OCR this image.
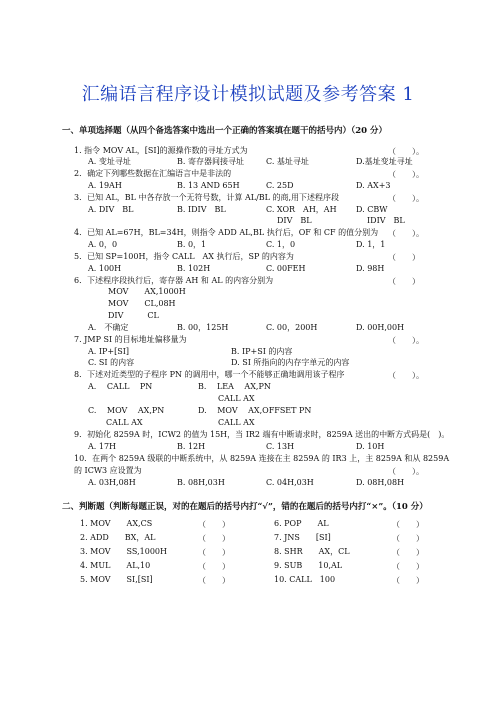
汇编语言程序设计模拟试题及参考答案 1
一、单项选择题（从四个备选答案中选出一个正确的答案填在题干的括号内）（20 分）
1. 指令 MOV AL，[SI]的源操作数的寻址方式为	（　　）。
A. 变址寻址	B. 寄存器间接寻址	C. 基址寻址	D.基址变址寻址
2．确定下列哪些数据在汇编语言中是非法的	（　　）。
A. 19AH	B. 13 AND 65H	C. 25D	D. AX+3
3．已知 AL，BL 中各存放一个无符号数，计算 AL/BL 的商,用下述程序段	（　　）。
A. DIV　BL	B. IDIV　BL	C. XOR　AH，AH D. CBW
DIV　BL	IDIV　BL
4．已知 AL=67H，BL=34H，则指令 ADD AL,BL 执行后，OF 和 CF 的值分别为 （　　）。
A. 0，0	B. 0，1	C. 1，0	D. 1，1
5．已知 SP=100H，指令 CALL　AX 执行后，SP 的内容为	（　　）
A. 100H	B. 102H	C. 00FEH	D. 98H
6．下述程序段执行后，寄存器 AH 和 AL 的内容分别为	（　　）
MOV　　AX,1000H
MOV　　CL,08H
DIV　　　CL
A.　不确定	B. 00，125H	C. 00，200H	D. 00H,00H
7. JMP SI 的目标地址偏移量为	（　　）。
A. IP+[SI]	B. IP+SI 的内容
C. SI 的内容	D. SI 所指向的内存字单元的内容
8．下述对近类型的子程序 PN 的调用中，哪一个不能够正确地调用该子程序	（　　）。
A.　 CALL　 PN	B.　 LEA　 AX,PN
CALL AX
C.　 MOV　 AX,PN	D.　 MOV　 AX,OFFSET PN
CALL AX	CALL AX
9．初始化 8259A 时，ICW2 的值为 15H，当 IR2 端有中断请求时，8259A 送出的中断方式码是(　)。
A. 17H	B. 12H	C. 13H	D. 10H
10．在两个 8259A 级联的中断系统中，从 8259A 连接在主 8259A 的 IR3 上，主 8259A 和从 8259A
的 ICW3 应设置为	（　　）。
A. 03H,08H	B. 08H,03H	C. 04H,03H	D. 08H,08H
二、判断题（判断每题正误，对的在题后的括号内打“√”，错的在题后的括号内打“×”。（10 分）
1. MOV　　AX,CS	（　　）	6. POP　　AL	（　　）
2. ADD　　BX，AL	（　　）	7. JNS　　[SI]	（　　）
3. MOV　　SS,1000H	（　　）	8. SHR　　AX，CL	（　　）
4. MUL　　AL,10	（　　）	9. SUB　　10,AL	（　　）
5. MOV　　SI,[SI]	（　　）	10. CALL　100	（　　）
